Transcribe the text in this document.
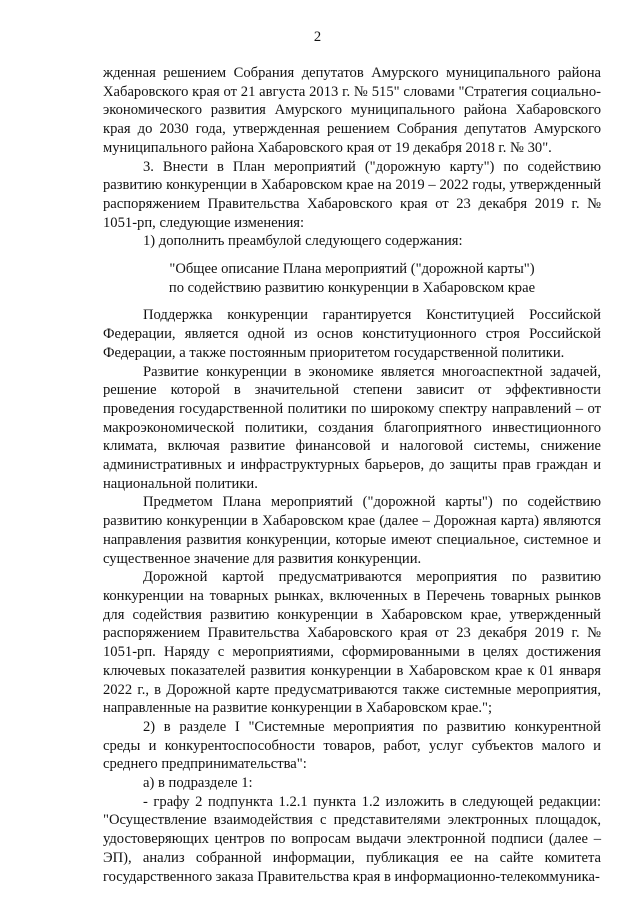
2

жденная решением Собрания депутатов Амурского муниципального района Хабаровского края от 21 августа 2013 г. № 515" словами "Стратегия социально-экономического развития Амурского муниципального района Хабаровского края до 2030 года, утвержденная решением Собрания депутатов Амурского муниципального района Хабаровского края от 19 декабря 2018 г. № 30".

3. Внести в План мероприятий ("дорожную карту") по содействию развитию конкуренции в Хабаровском крае на 2019 – 2022 годы, утвержденный распоряжением Правительства Хабаровского края от 23 декабря 2019 г. № 1051-рп, следующие изменения:

1) дополнить преамбулой следующего содержания:

"Общее описание Плана мероприятий ("дорожной карты")
по содействию развитию конкуренции в Хабаровском крае

Поддержка конкуренции гарантируется Конституцией Российской Федерации, является одной из основ конституционного строя Российской Федерации, а также постоянным приоритетом государственной политики.

Развитие конкуренции в экономике является многоаспектной задачей, решение которой в значительной степени зависит от эффективности проведения государственной политики по широкому спектру направлений – от макроэкономической политики, создания благоприятного инвестиционного климата, включая развитие финансовой и налоговой системы, снижение административных и инфраструктурных барьеров, до защиты прав граждан и национальной политики.

Предметом Плана мероприятий ("дорожной карты") по содействию развитию конкуренции в Хабаровском крае (далее – Дорожная карта) являются направления развития конкуренции, которые имеют специальное, системное и существенное значение для развития конкуренции.

Дорожной картой предусматриваются мероприятия по развитию конкуренции на товарных рынках, включенных в Перечень товарных рынков для содействия развитию конкуренции в Хабаровском крае, утвержденный распоряжением Правительства Хабаровского края от 23 декабря 2019 г. № 1051-рп. Наряду с мероприятиями, сформированными в целях достижения ключевых показателей развития конкуренции в Хабаровском крае к 01 января 2022 г., в Дорожной карте предусматриваются также системные мероприятия, направленные на развитие конкуренции в Хабаровском крае.";

2) в разделе I "Системные мероприятия по развитию конкурентной среды и конкурентоспособности товаров, работ, услуг субъектов малого и среднего предпринимательства":

а) в подразделе 1:

- графу 2 подпункта 1.2.1 пункта 1.2 изложить в следующей редакции: "Осуществление взаимодействия с представителями электронных площадок, удостоверяющих центров по вопросам выдачи электронной подписи (далее – ЭП), анализ собранной информации, публикация ее на сайте комитета государственного заказа Правительства края в информационно-телекоммуника-
